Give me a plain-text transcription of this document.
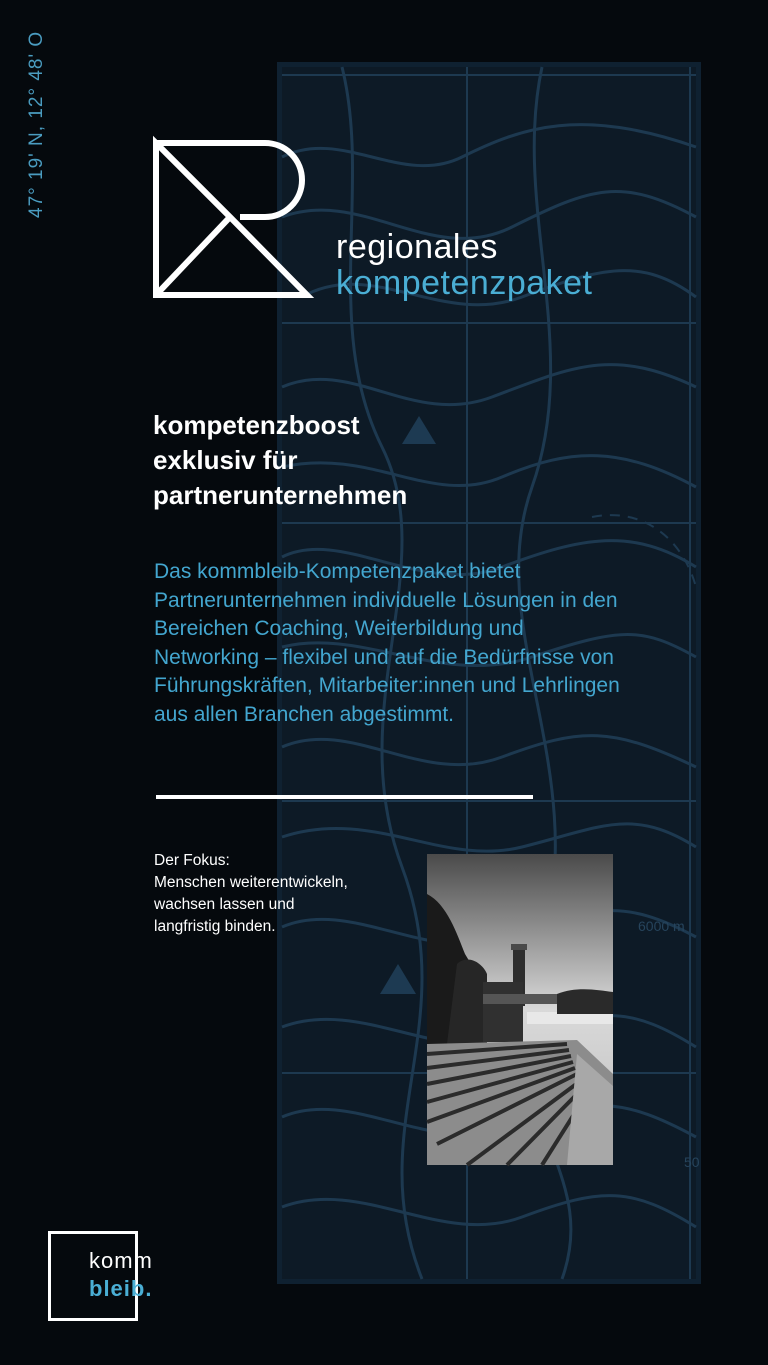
47° 19' N, 12° 48' O
6000 m
50
regionales
kompetenzpaket
kompetenzboost
exklusiv für
partnerunternehmen

Das kommbleib-Kompetenzpaket bietet Partnerunternehmen individuelle Lösungen in den Bereichen Coaching, Weiterbildung und Networking – flexibel und auf die Bedürfnisse von Führungskräften, Mitarbeiter:innen und Lehrlingen aus allen Branchen abgestimmt.

Der Fokus:
Menschen weiterentwickeln,
wachsen lassen und
langfristig binden.

komm
bleib.
